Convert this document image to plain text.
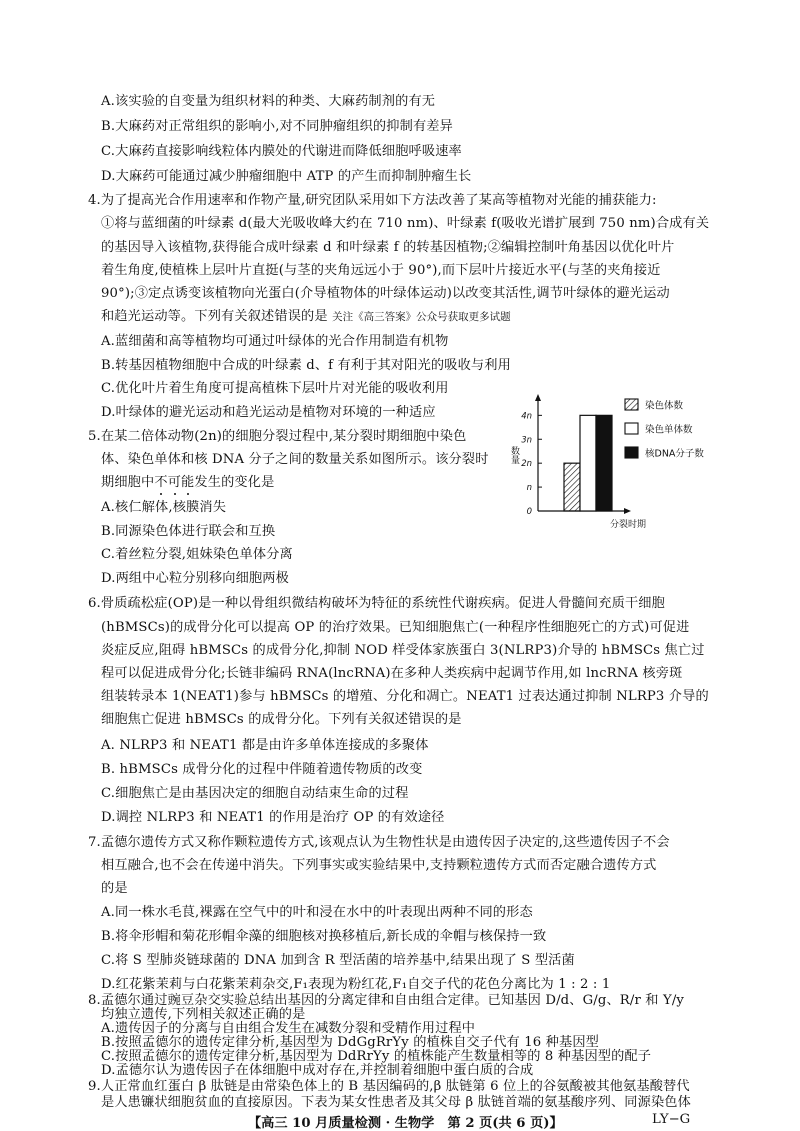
A.该实验的自变量为组织材料的种类、大麻药制剂的有无
B.大麻药对正常组织的影响小,对不同肿瘤组织的抑制有差异
C.大麻药直接影响线粒体内膜处的代谢进而降低细胞呼吸速率
D.大麻药可能通过减少肿瘤细胞中 ATP 的产生而抑制肿瘤生长
4.为了提高光合作用速率和作物产量,研究团队采用如下方法改善了某高等植物对光能的捕获能力:
①将与蓝细菌的叶绿素 d(最大光吸收峰大约在 710 nm)、叶绿素 f(吸收光谱扩展到 750 nm)合成有关
的基因导入该植物,获得能合成叶绿素 d 和叶绿素 f 的转基因植物;②编辑控制叶角基因以优化叶片
着生角度,使植株上层叶片直挺(与茎的夹角远远小于 90°),而下层叶片接近水平(与茎的夹角接近
90°);③定点诱变该植物向光蛋白(介导植物体的叶绿体运动)以改变其活性,调节叶绿体的避光运动
和趋光运动等。下列有关叙述错误的是 关注《高三答案》公众号获取更多试题
A.蓝细菌和高等植物均可通过叶绿体的光合作用制造有机物
B.转基因植物细胞中合成的叶绿素 d、f 有利于其对阳光的吸收与利用
C.优化叶片着生角度可提高植株下层叶片对光能的吸收利用
D.叶绿体的避光运动和趋光运动是植物对环境的一种适应
5.在某二倍体动物(2n)的细胞分裂过程中,某分裂时期细胞中染色
体、染色单体和核 DNA 分子之间的数量关系如图所示。该分裂时
期细胞中不可能发生的变化是
A.核仁解体,核膜消失
B.同源染色体进行联会和互换
C.着丝粒分裂,姐妹染色单体分离
D.两组中心粒分别移向细胞两极
0
n
2n
3n
4n
数量
分裂时期
染色体数
染色单体数
核DNA分子数
6.骨质疏松症(OP)是一种以骨组织微结构破坏为特征的系统性代谢疾病。促进人骨髓间充质干细胞
(hBMSCs)的成骨分化可以提高 OP 的治疗效果。已知细胞焦亡(一种程序性细胞死亡的方式)可促进
炎症反应,阻碍 hBMSCs 的成骨分化,抑制 NOD 样受体家族蛋白 3(NLRP3)介导的 hBMSCs 焦亡过
程可以促进成骨分化;长链非编码 RNA(lncRNA)在多种人类疾病中起调节作用,如 lncRNA 核旁斑
组装转录本 1(NEAT1)参与 hBMSCs 的增殖、分化和凋亡。NEAT1 过表达通过抑制 NLRP3 介导的
细胞焦亡促进 hBMSCs 的成骨分化。下列有关叙述错误的是
A. NLRP3 和 NEAT1 都是由许多单体连接成的多聚体
B. hBMSCs 成骨分化的过程中伴随着遗传物质的改变
C.细胞焦亡是由基因决定的细胞自动结束生命的过程
D.调控 NLRP3 和 NEAT1 的作用是治疗 OP 的有效途径
7.孟德尔遗传方式又称作颗粒遗传方式,该观点认为生物性状是由遗传因子决定的,这些遗传因子不会
相互融合,也不会在传递中消失。下列事实或实验结果中,支持颗粒遗传方式而否定融合遗传方式
的是
A.同一株水毛茛,裸露在空气中的叶和浸在水中的叶表现出两种不同的形态
B.将伞形帽和菊花形帽伞藻的细胞核对换移植后,新长成的伞帽与核保持一致
C.将 S 型肺炎链球菌的 DNA 加到含 R 型活菌的培养基中,结果出现了 S 型活菌
D.红花紫茉莉与白花紫茉莉杂交,F₁表现为粉红花,F₁自交子代的花色分离比为 1 : 2 : 1
8.孟德尔通过豌豆杂交实验总结出基因的分离定律和自由组合定律。已知基因 D/d、G/g、R/r 和 Y/y
均独立遗传,下列相关叙述正确的是
A.遗传因子的分离与自由组合发生在减数分裂和受精作用过程中
B.按照孟德尔的遗传定律分析,基因型为 DdGgRrYy 的植株自交子代有 16 种基因型
【高三 10 月质量检测 · 生物学　第 2 页(共 6 页)】	LY−G
C.按照孟德尔的遗传定律分析,基因型为 DdRrYy 的植株能产生数量相等的 8 种基因型的配子
D.孟德尔认为遗传因子在体细胞中成对存在,并控制着细胞中蛋白质的合成
9.人正常血红蛋白 β 肽链是由常染色体上的 B 基因编码的,β 肽链第 6 位上的谷氨酸被其他氨基酸替代
是人患镰状细胞贫血的直接原因。下表为某女性患者及其父母 β 肽链首端的氨基酸序列、同源染色体
